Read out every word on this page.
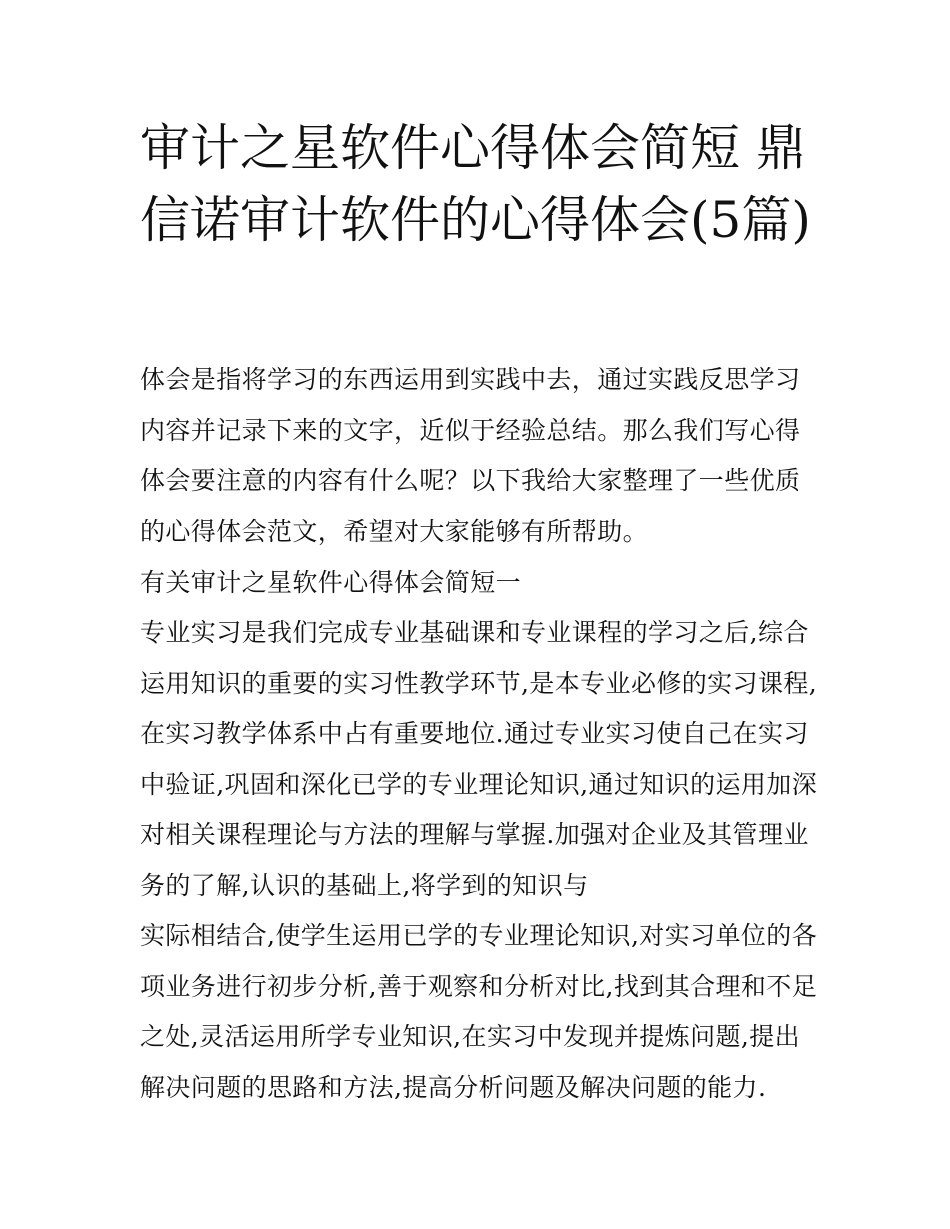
审计之星软件心得体会简短 鼎信诺审计软件的心得体会(5篇)

体会是指将学习的东西运用到实践中去，通过实践反思学习内容并记录下来的文字，近似于经验总结。那么我们写心得体会要注意的内容有什么呢？以下我给大家整理了一些优质的心得体会范文，希望对大家能够有所帮助。

有关审计之星软件心得体会简短一

专业实习是我们完成专业基础课和专业课程的学习之后,综合运用知识的重要的实习性教学环节,是本专业必修的实习课程,在实习教学体系中占有重要地位.通过专业实习使自己在实习中验证,巩固和深化已学的专业理论知识,通过知识的运用加深对相关课程理论与方法的理解与掌握.加强对企业及其管理业务的了解,认识的基础上,将学到的知识与

实际相结合,使学生运用已学的专业理论知识,对实习单位的各项业务进行初步分析,善于观察和分析对比,找到其合理和不足之处,灵活运用所学专业知识,在实习中发现并提炼问题,提出解决问题的思路和方法,提高分析问题及解决问题的能力.
